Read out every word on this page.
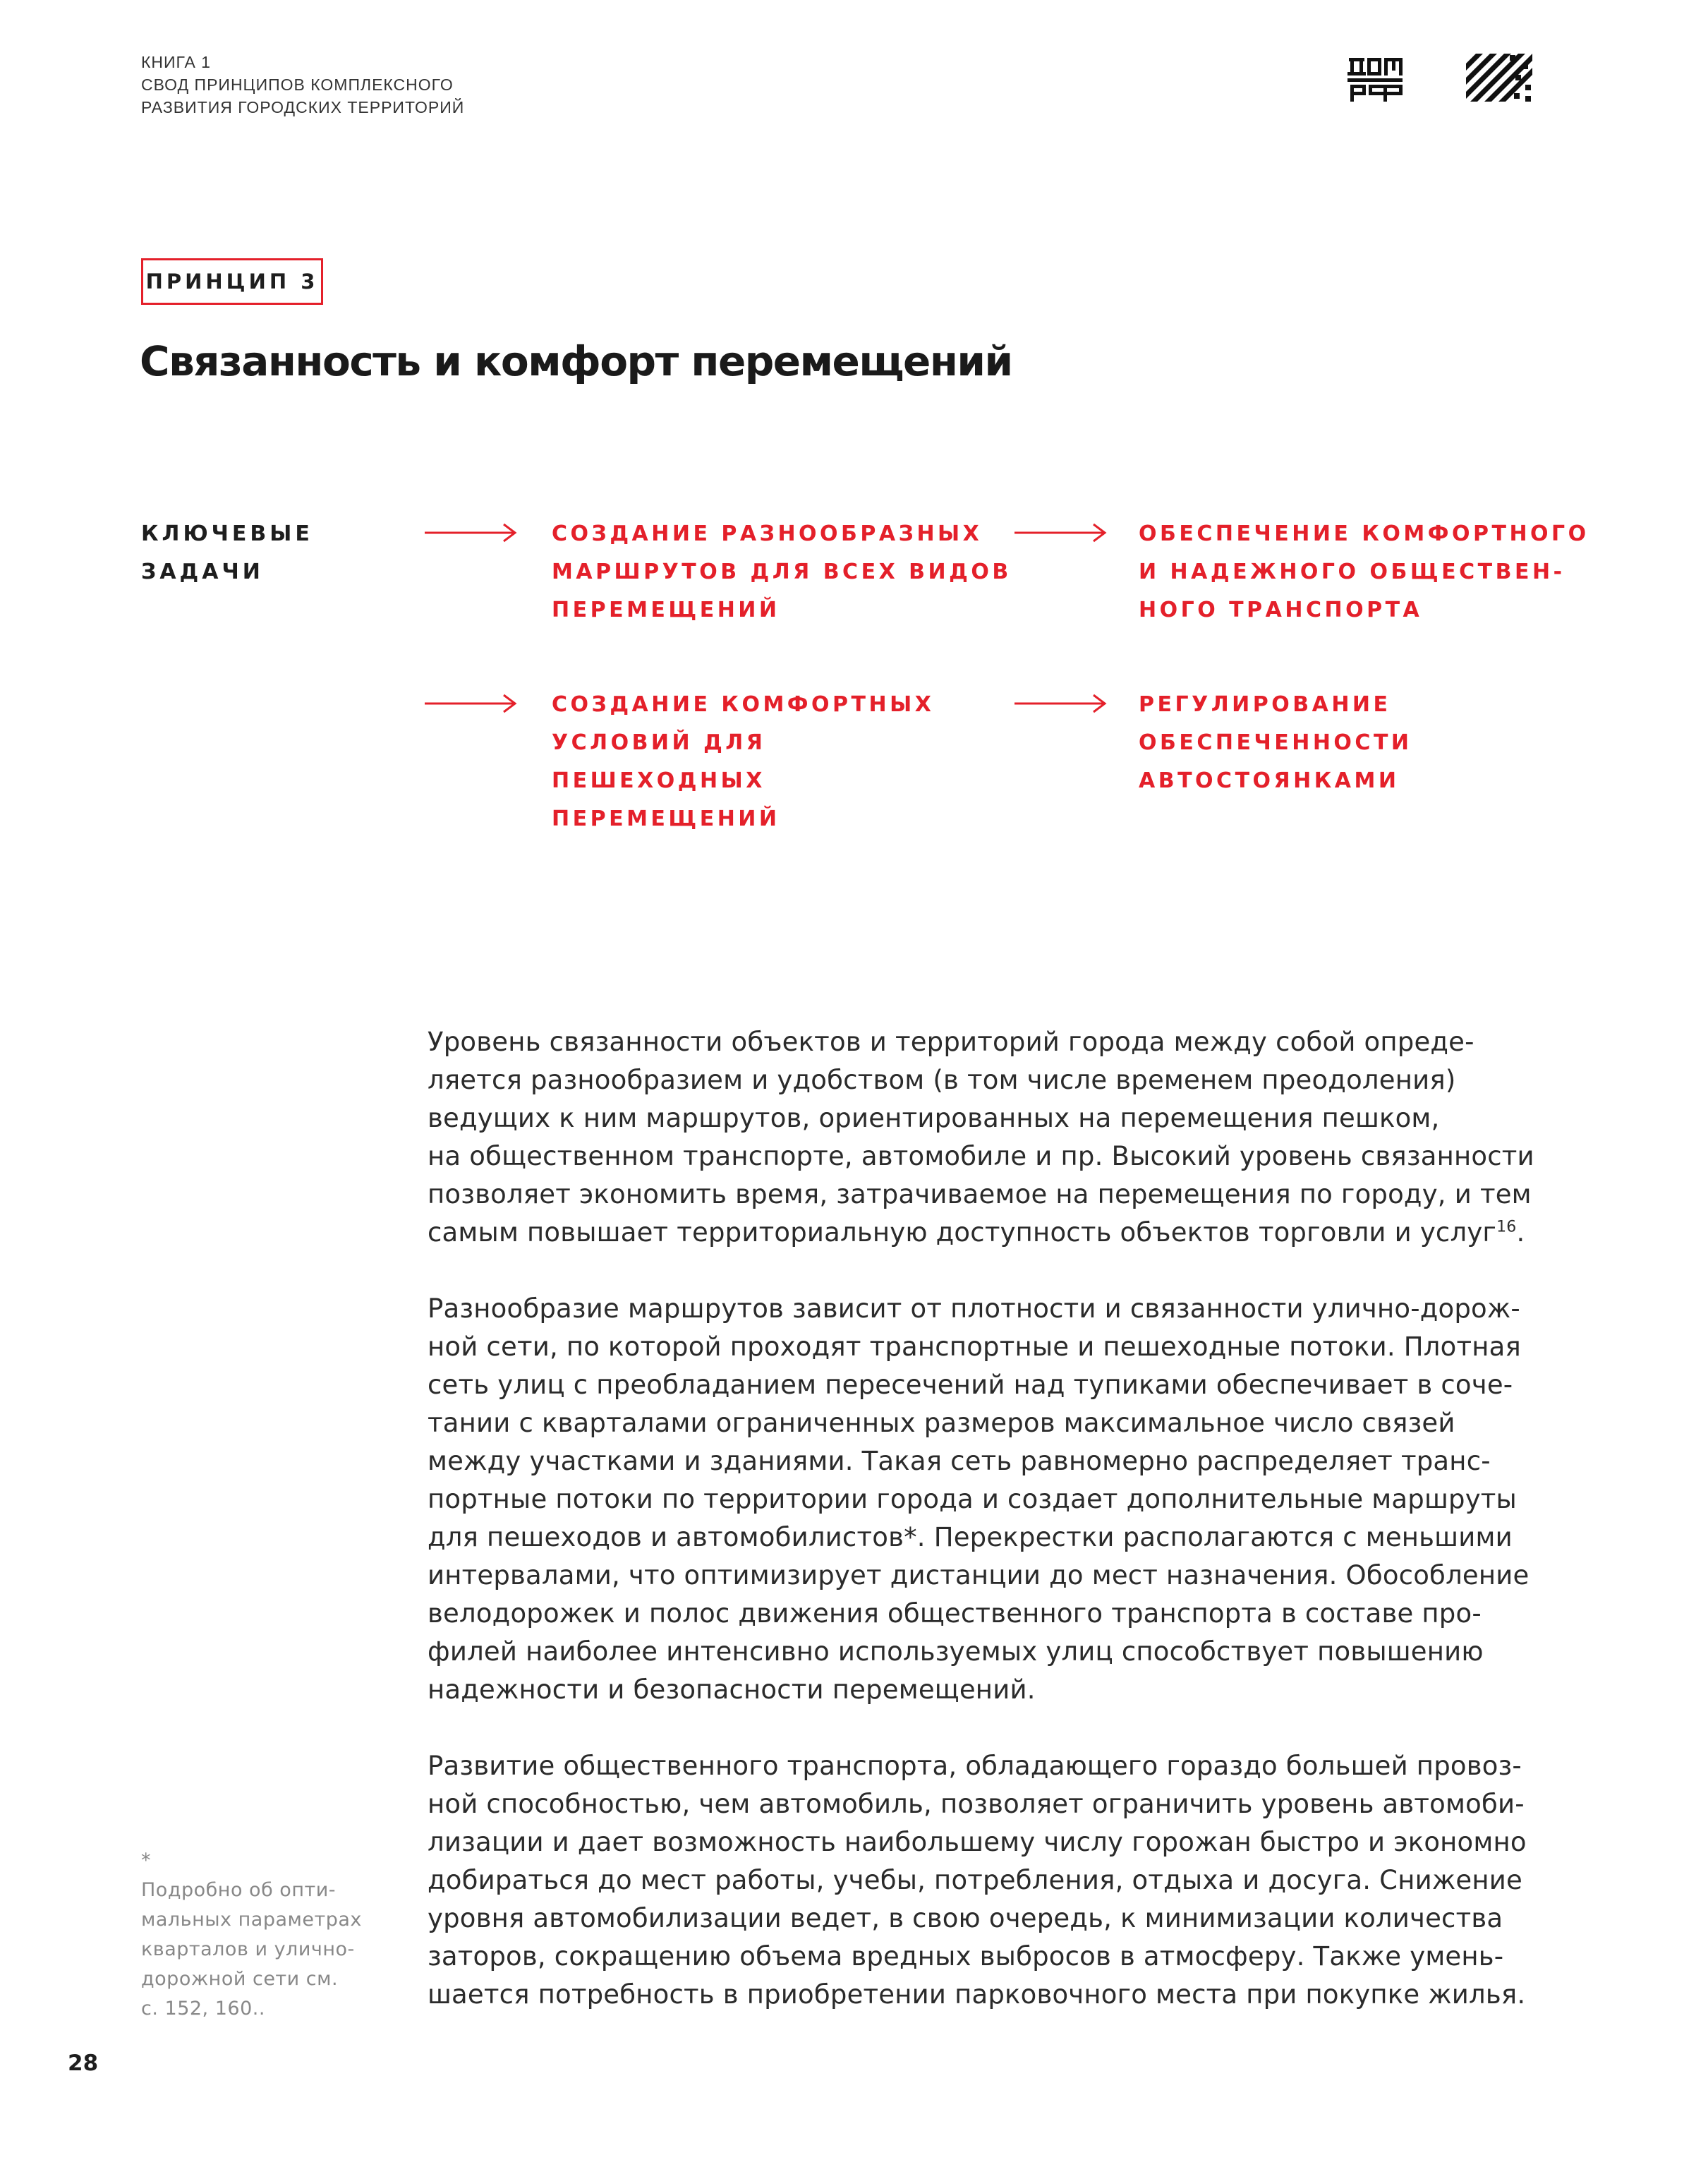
КНИГА 1
СВОД ПРИНЦИПОВ КОМПЛЕКСНОГО
РАЗВИТИЯ ГОРОДСКИХ ТЕРРИТОРИЙ
ПРИНЦИП 3
Связанность и комфорт перемещений
КЛЮЧЕВЫЕ
ЗАДАЧИ
СОЗДАНИЕ РАЗНООБРАЗНЫХ
МАРШРУТОВ ДЛЯ ВСЕХ ВИДОВ
ПЕРЕМЕЩЕНИЙ
ОБЕСПЕЧЕНИЕ КОМФОРТНОГО
И НАДЕЖНОГО ОБЩЕСТВЕН-
НОГО ТРАНСПОРТА
СОЗДАНИЕ КОМФОРТНЫХ
УСЛОВИЙ ДЛЯ
ПЕШЕХОДНЫХ
ПЕРЕМЕЩЕНИЙ
РЕГУЛИРОВАНИЕ
ОБЕСПЕЧЕННОСТИ
АВТОСТОЯНКАМИ
Уровень связанности объектов и территорий города между собой опреде-
ляется разнообразием и удобством (в том числе временем преодоления)
ведущих к ним маршрутов, ориентированных на перемещения пешком,
на общественном транспорте, автомобиле и пр. Высокий уровень связанности
позволяет экономить время, затрачиваемое на перемещения по городу, и тем
самым повышает территориальную доступность объектов торговли и услуг$^{16}$.
Разнообразие маршрутов зависит от плотности и связанности улично-дорож-
ной сети, по которой проходят транспортные и пешеходные потоки. Плотная
сеть улиц с преобладанием пересечений над тупиками обеспечивает в соче-
тании с кварталами ограниченных размеров максимальное число связей
между участками и зданиями. Такая сеть равномерно распределяет транс-
портные потоки по территории города и создает дополнительные маршруты
для пешеходов и автомобилистов*. Перекрестки располагаются с меньшими
интервалами, что оптимизирует дистанции до мест назначения. Обособление
велодорожек и полос движения общественного транспорта в составе про-
филей наиболее интенсивно используемых улиц способствует повышению
надежности и безопасности перемещений.
Развитие общественного транспорта, обладающего гораздо большей провоз-
ной способностью, чем автомобиль, позволяет ограничить уровень автомоби-
лизации и дает возможность наибольшему числу горожан быстро и экономно
добираться до мест работы, учебы, потребления, отдыха и досуга. Снижение
уровня автомобилизации ведет, в свою очередь, к минимизации количества
заторов, сокращению объема вредных выбросов в атмосферу. Также умень-
шается потребность в приобретении парковочного места при покупке жилья.
*
Подробно об опти-
мальных параметрах
кварталов и улично-
дорожной сети см.
с. 152, 160..
28
